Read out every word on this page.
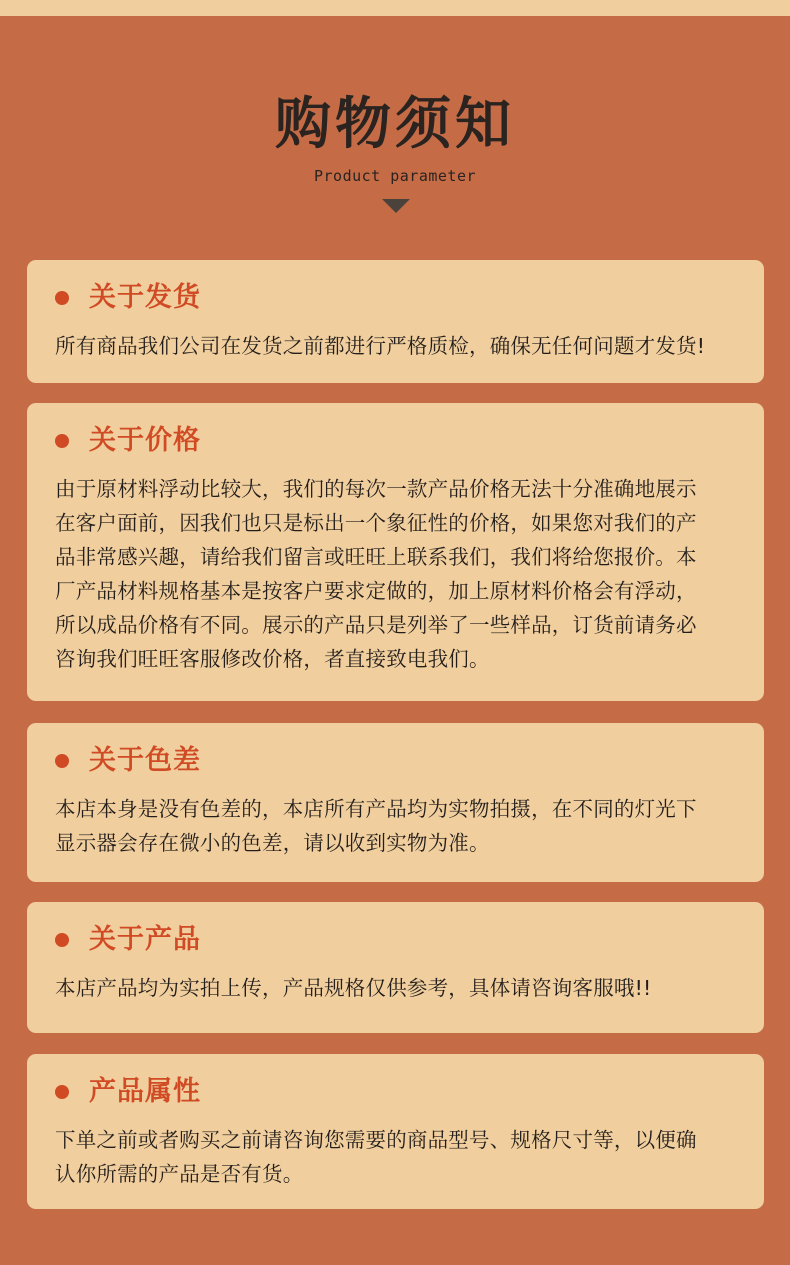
购物须知
Product parameter
关于发货
所有商品我们公司在发货之前都进行严格质检，确保无任何问题才发货!
关于价格
由于原材料浮动比较大，我们的每次一款产品价格无法十分准确地展示
在客户面前，因我们也只是标出一个象征性的价格，如果您对我们的产
品非常感兴趣，请给我们留言或旺旺上联系我们，我们将给您报价。本
厂产品材料规格基本是按客户要求定做的，加上原材料价格会有浮动，
所以成品价格有不同。展示的产品只是列举了一些样品，订货前请务必
咨询我们旺旺客服修改价格，者直接致电我们。
关于色差
本店本身是没有色差的，本店所有产品均为实物拍摄，在不同的灯光下
显示器会存在微小的色差，请以收到实物为准。
关于产品
本店产品均为实拍上传，产品规格仅供参考，具体请咨询客服哦!!
产品属性
下单之前或者购买之前请咨询您需要的商品型号、规格尺寸等，以便确
认你所需的产品是否有货。
